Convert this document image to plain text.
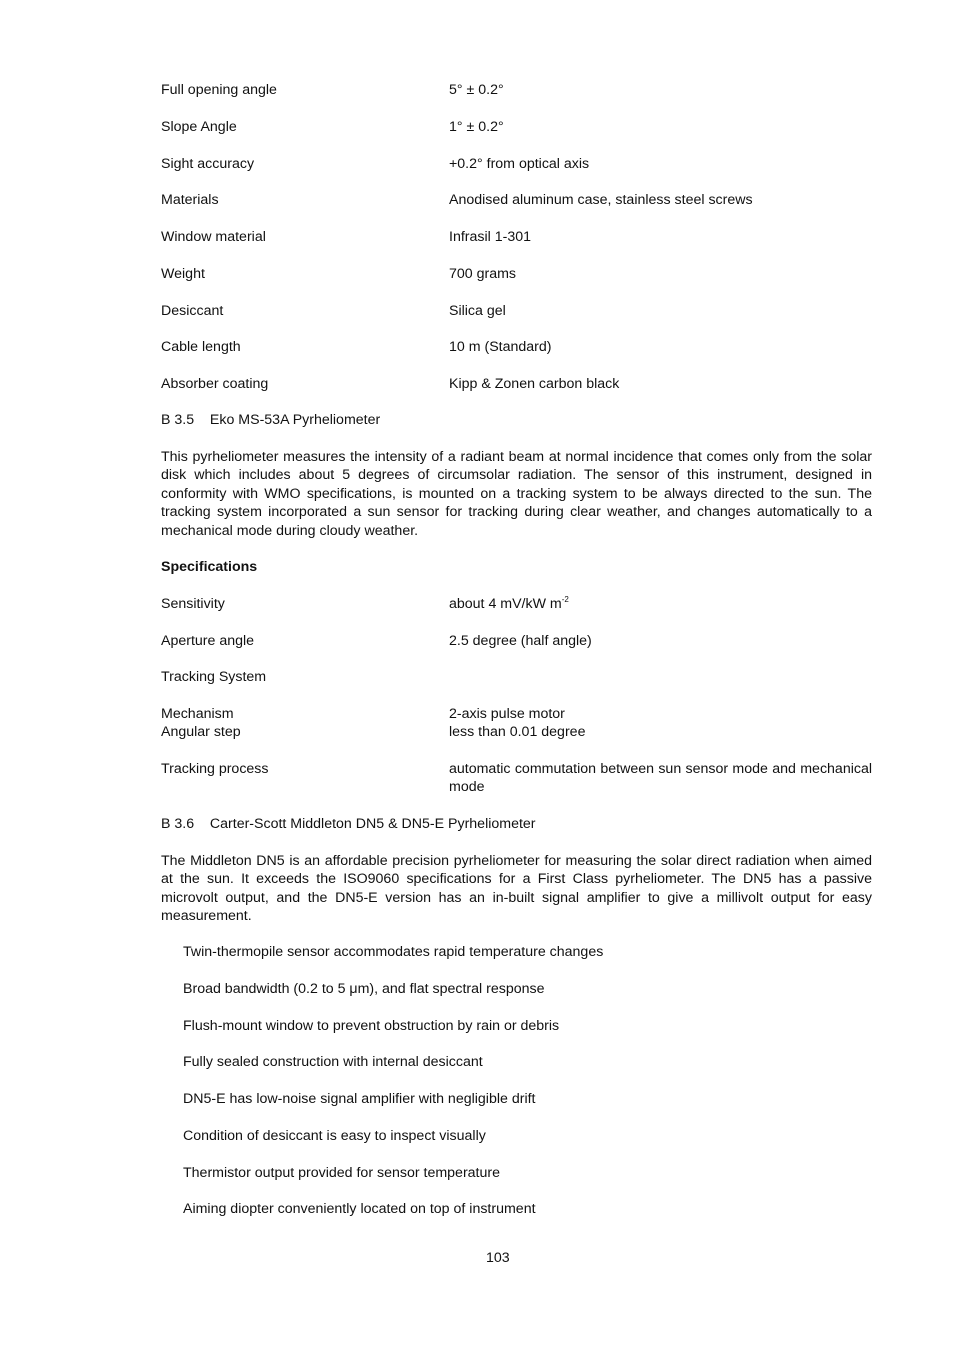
Full opening angle	5° ± 0.2°
Slope Angle	1° ± 0.2°
Sight accuracy	+0.2° from optical axis
Materials	Anodised aluminum case, stainless steel screws
Window material	Infrasil 1-301
Weight	700 grams
Desiccant	Silica gel
Cable length	10 m (Standard)
Absorber coating	Kipp & Zonen carbon black
B 3.5    Eko MS-53A Pyrheliometer
This pyrheliometer measures the intensity of a radiant beam at normal incidence that comes only from the solar disk which includes about 5 degrees of circumsolar radiation. The sensor of this instrument, designed in conformity with WMO specifications, is mounted on a tracking system to be always directed to the sun. The tracking system incorporated a sun sensor for tracking during clear weather, and changes automatically to a mechanical mode during cloudy weather.
Specifications
Sensitivity	about 4 mV/kW $m^{-2}$
Aperture angle	2.5 degree (half angle)
Tracking System
Mechanism	2-axis pulse motor
Angular step	less than 0.01 degree
Tracking process	automatic commutation between sun sensor mode and mechanical mode
B 3.6    Carter-Scott Middleton DN5 & DN5-E Pyrheliometer
The Middleton DN5 is an affordable precision pyrheliometer for measuring the solar direct radiation when aimed at the sun. It exceeds the ISO9060 specifications for a First Class pyrheliometer. The DN5 has a passive microvolt output, and the DN5-E version has an in-built signal amplifier to give a millivolt output for easy measurement.
Twin-thermopile sensor accommodates rapid temperature changes
Broad bandwidth (0.2 to 5 μm), and flat spectral response
Flush-mount window to prevent obstruction by rain or debris
Fully sealed construction with internal desiccant
DN5-E has low-noise signal amplifier with negligible drift
Condition of desiccant is easy to inspect visually
Thermistor output provided for sensor temperature
Aiming diopter conveniently located on top of instrument
103
